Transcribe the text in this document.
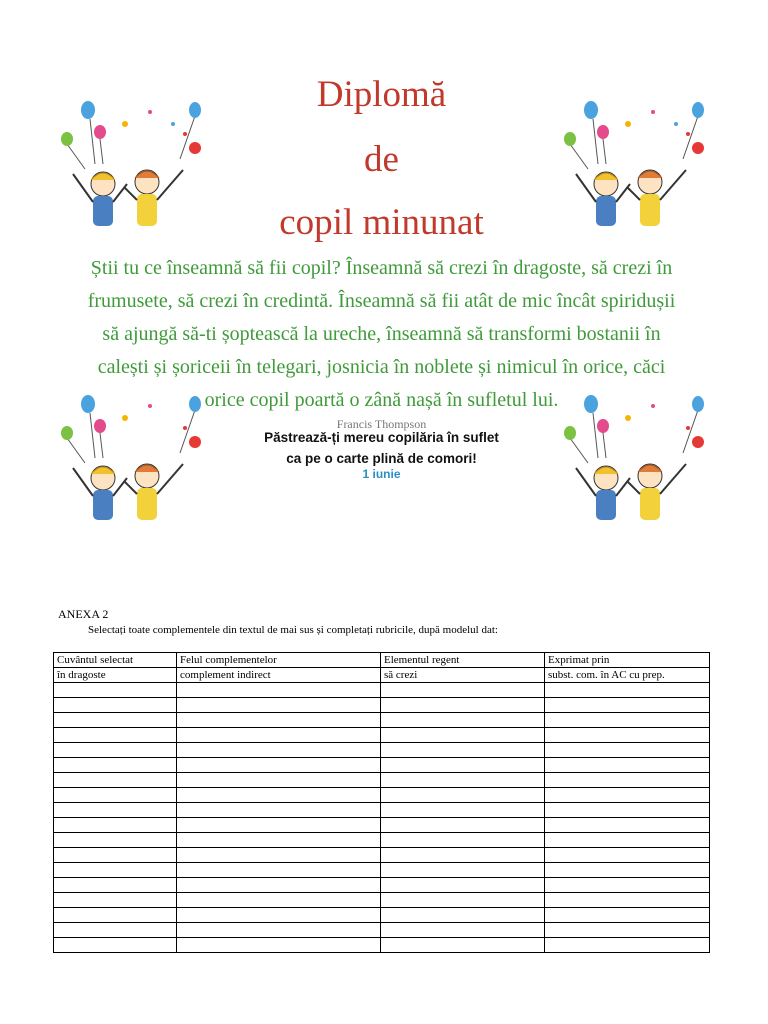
Diplomă
de
copil minunat

Știi tu ce înseamnă să fii copil? Înseamnă să crezi în dragoste, să crezi în
frumusete, să crezi în credintă. Înseamnă să fii atât de mic încât spiridușii
să ajungă să-ti șoptească la ureche, înseamnă să transformi bostanii în
calești și șoriceii în telegari, josnicia în noblete și nimicul în orice, căci
orice copil poartă o zână nașă în sufletul lui.

Francis Thompson
Păstrează-ți mereu copilăria în suflet
ca pe o carte plină de comori!
1 iunie
ANEXA 2
Selectați toate complementele din textul de mai sus și completați rubricile, după modelul dat:
Cuvântul selectat	Felul complementelor	Elementul regent	Exprimat prin
în dragoste	complement indirect	să crezi	subst. com. în AC cu prep.
